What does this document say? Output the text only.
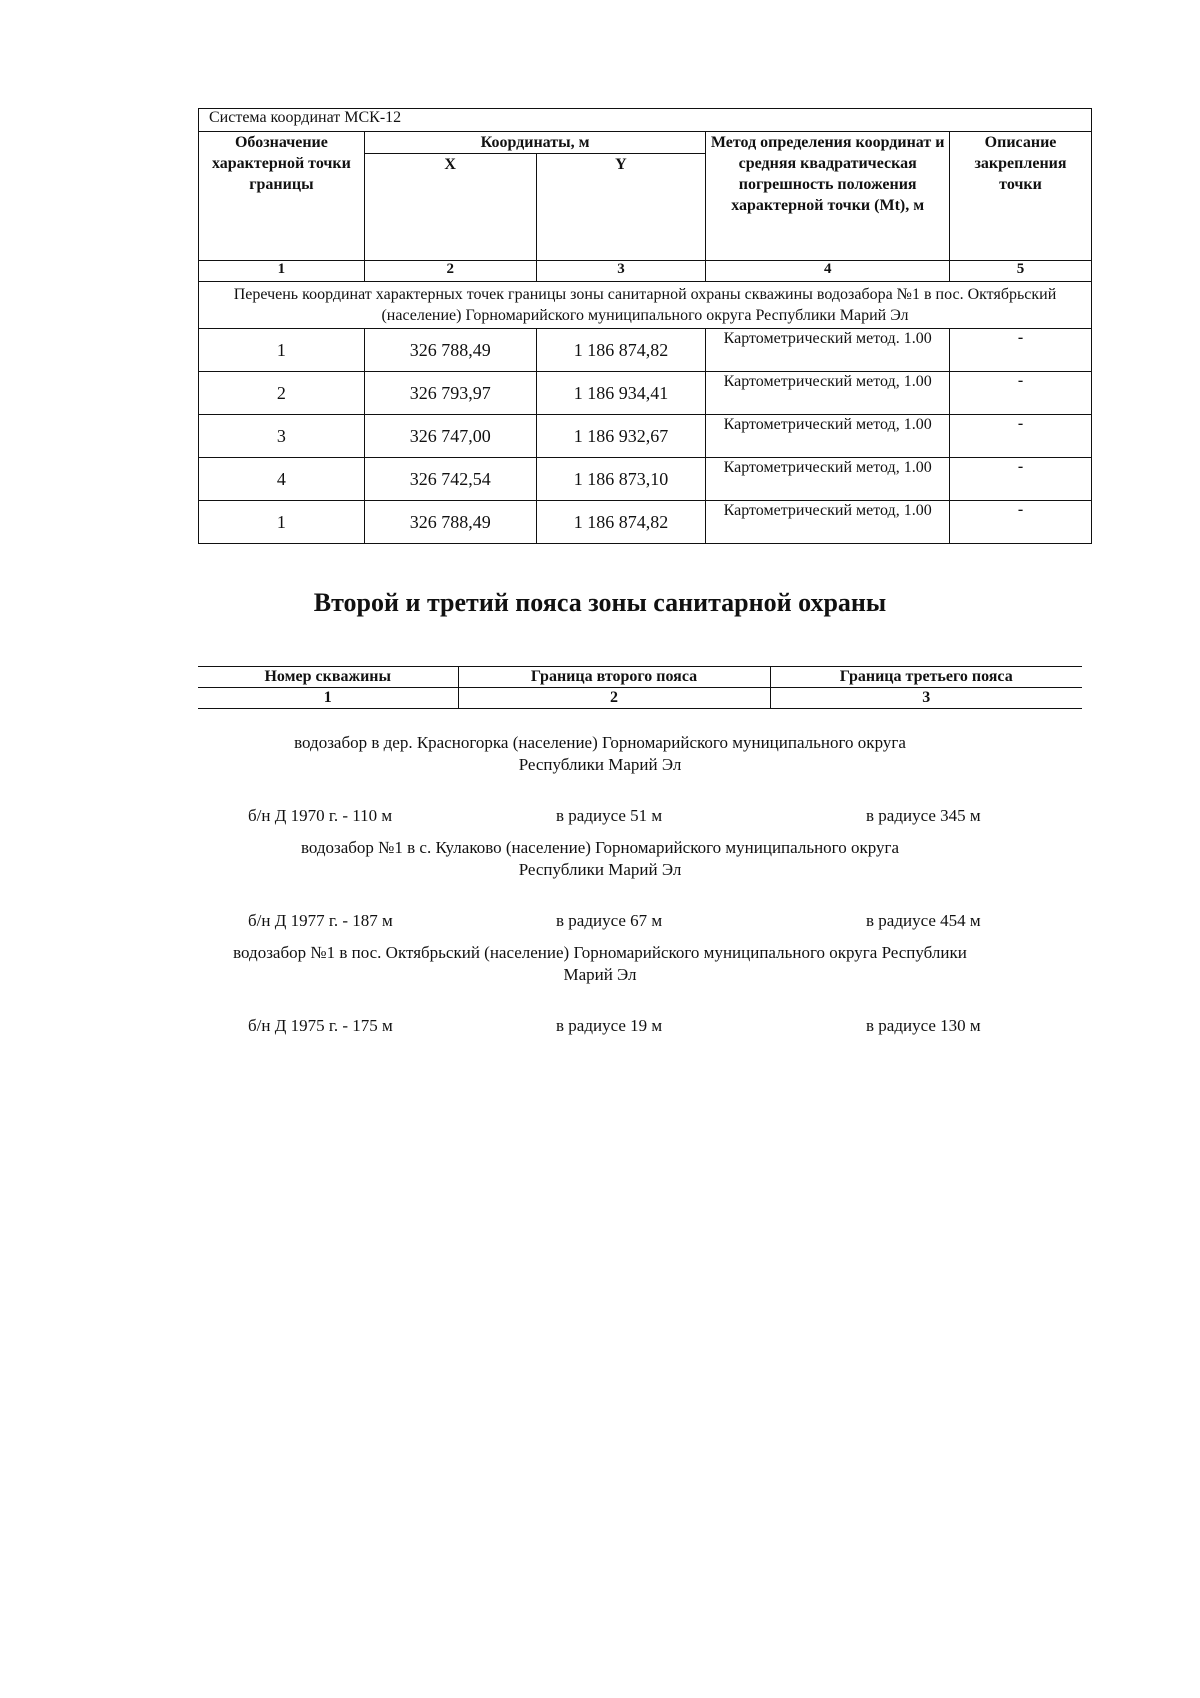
Система координат МСК-12				
Обозначение характерной точки границы	Координаты, м		Метод определения координат и средняя квадратическая погрешность положения характерной точки (Mt), м	Описание закрепления точки
	X	Y		
1	2	3	4	5
Перечень координат характерных точек границы зоны санитарной охраны скважины водозабора №1 в пос. Октябрьский (население) Горномарийского муниципального округа Республики Марий Эл				
1	326 788,49	1 186 874,82	Картометрический метод. 1.00	-
2	326 793,97	1 186 934,41	Картометрический метод, 1.00	-
3	326 747,00	1 186 932,67	Картометрический метод, 1.00	-
4	326 742,54	1 186 873,10	Картометрический метод, 1.00	-
1	326 788,49	1 186 874,82	Картометрический метод, 1.00	-
Второй и третий пояса зоны санитарной охраны
Номер скважины	Граница второго пояса	Граница третьего пояса
1	2	3

водозабор в дер. Красногорка (население) Горномарийского муниципального округа
Республики Марий Эл

б/н Д 1970 г. - 110 м	в радиусе 51 м	в радиусе 345 м

водозабор №1 в с. Кулаково (население) Горномарийского муниципального округа
Республики Марий Эл

б/н Д 1977 г. - 187 м	в радиусе 67 м	в радиусе 454 м

водозабор №1 в пос. Октябрьский (население) Горномарийского муниципального округа Республики
Марий Эл

б/н Д 1975 г. - 175 м	в радиусе 19 м	в радиусе 130 м
